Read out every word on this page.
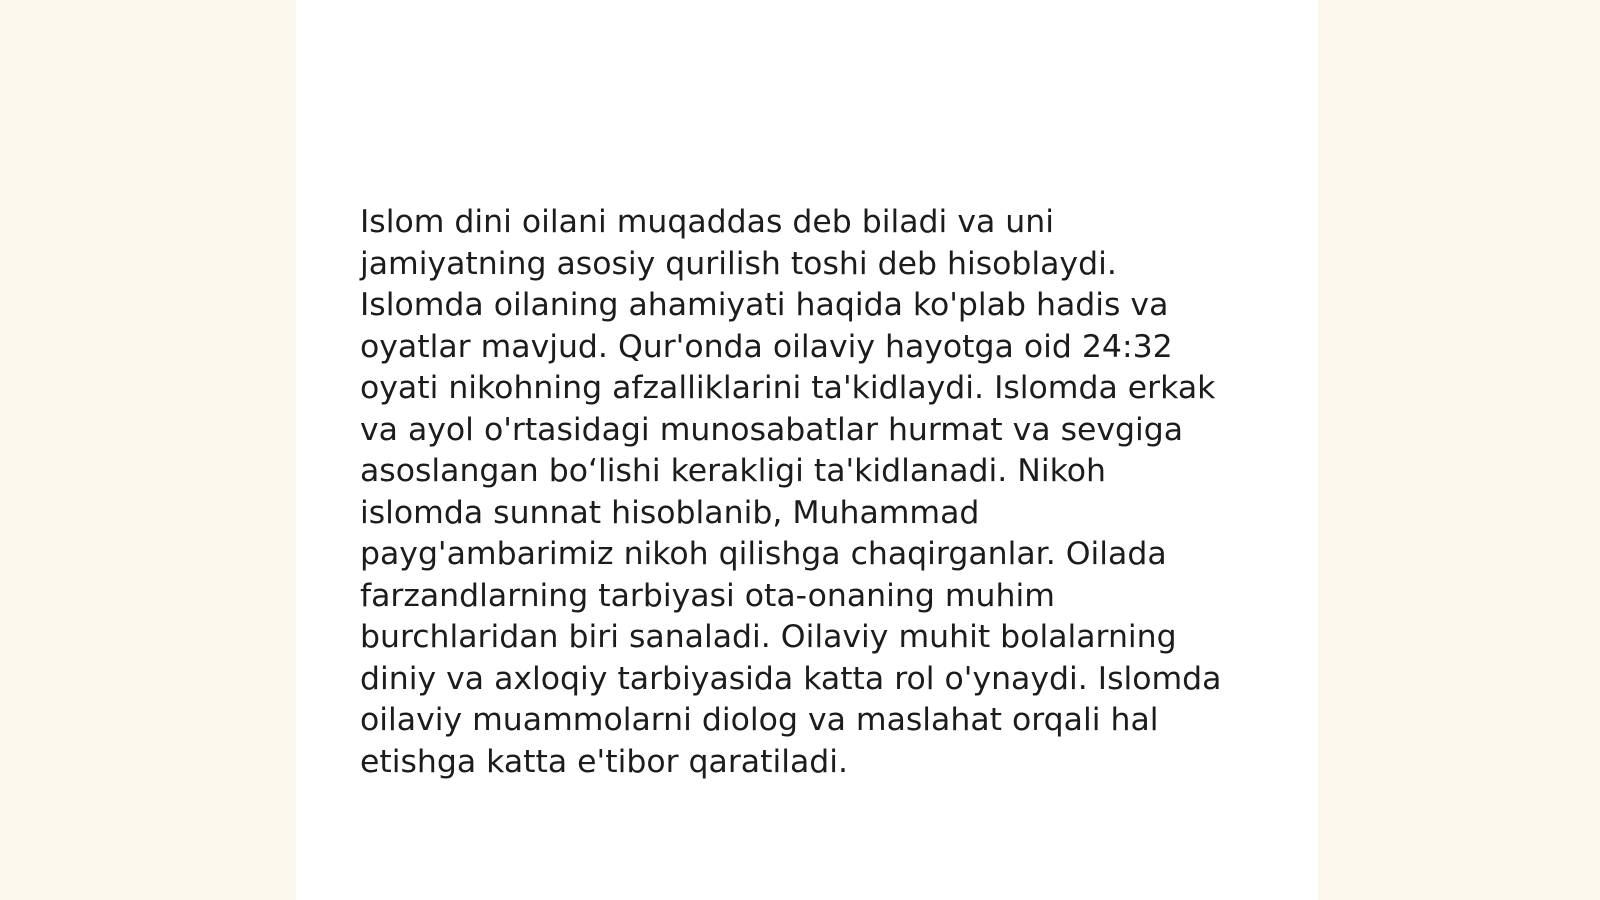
Islom dini oilani muqaddas deb biladi va uni
jamiyatning asosiy qurilish toshi deb hisoblaydi.
Islomda oilaning ahamiyati haqida ko'plab hadis va
oyatlar mavjud. Qur'onda oilaviy hayotga oid 24:32
oyati nikohning afzalliklarini ta'kidlaydi. Islomda erkak
va ayol o'rtasidagi munosabatlar hurmat va sevgiga
asoslangan bo‘lishi kerakligi ta'kidlanadi. Nikoh
islomda sunnat hisoblanib, Muhammad
payg'ambarimiz nikoh qilishga chaqirganlar. Oilada
farzandlarning tarbiyasi ota-onaning muhim
burchlaridan biri sanaladi. Oilaviy muhit bolalarning
diniy va axloqiy tarbiyasida katta rol o'ynaydi. Islomda
oilaviy muammolarni diolog va maslahat orqali hal
etishga katta e'tibor qaratiladi.
